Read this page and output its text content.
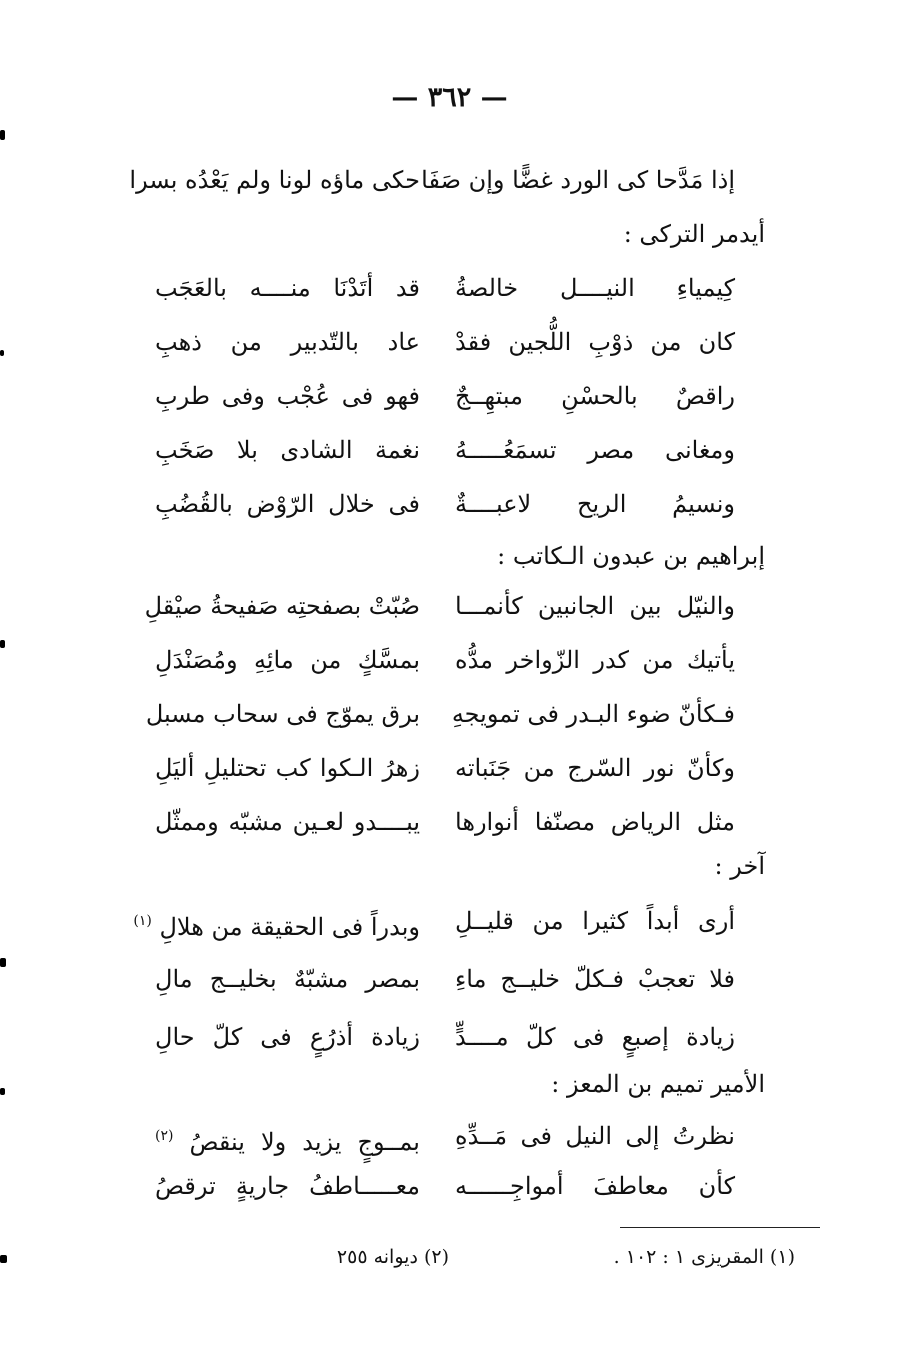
— ٣٦٢ —
إذا مَدَّحا كى الورد غضًّا وإن صَفَا
حكى ماؤه لونا ولم يَعْدُه بسرا
أيدمر التركى :
كِيمياءِ النيــــل خالصةُ
قد أتَدْنَا منــــه بالعَجَب
كان من ذوْبِ اللُّجين فقدْ
عاد بالتّدبير من ذهبِ
راقصٌ بالحسْنِ مبتهِــجٌ
فهو فى عُجْب وفى طربِ
ومغانى مصر تسمَعُـــــهُ
نغمة الشادى بلا صَخَبِ
ونسيمُ الريح لاعبــــةٌ
فى خلال الرّوْض بالقُضُبِ
إبراهيم بن عبدون الـكاتب :
والنيّل بين الجانبين كأنمـــا
صُبّتْ بصفحتِه صَفيحةُ صيْقلِ
يأتيك من كدر الزّواخر مدُّه
بمسَّكٍ من مائِهِ ومُصَنْدَلِ
فـكأنّ ضوء البـدر فى تمويجهِ
برق يموّج فى سحاب مسبل
وكأنّ نور السّرج من جَنَباته
زهرُ الـكوا كب تحتليلِ أليَلِ
مثل الرياض مصنّفا أنوارها
يبــــدو لعـين مشبّه وممثّل
آخر :
أرى أبداً كثيرا من قليــلِ
وبدراً فى الحقيقة من هلالِ $^{(١)}$
فلا تعجبْ فـكلّ خليــج ماءِ
بمصر مشبّهٌ بخليــج مالِ
زيادة إصبعٍ فى كلّ مــــدٍّ
زيادة أذرُعٍ فى كلّ حالِ
الأمير تميم بن المعز :
نظرتُ إلى النيل فى مَــدِّهِ
بمــوجٍ يزيد ولا ينقصُ $^{(٢)}$
كأن معاطفَ أمواجِــــــه
معـــــاطفُ جاريةٍ ترقصُ
(١) المقريزى ١ : ١٠٢ .
(٢) ديوانه ٢٥٥
